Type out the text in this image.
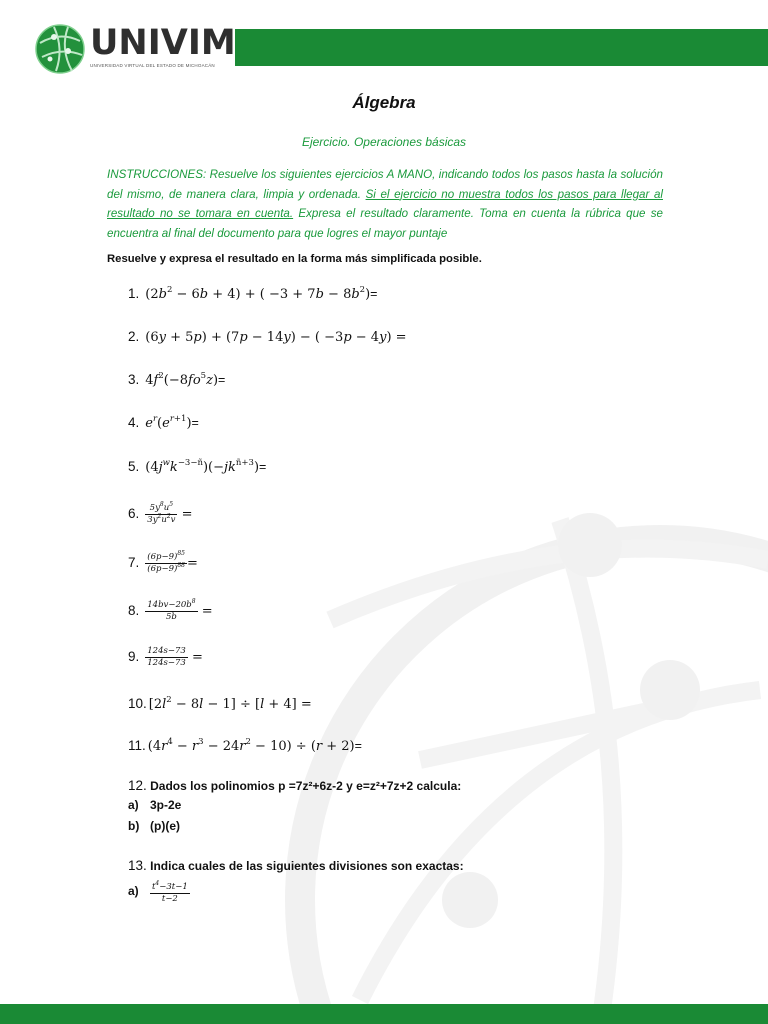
UNIVIM
UNIVERSIDAD VIRTUAL DEL ESTADO DE MICHOACÁN
Álgebra
Ejercicio. Operaciones básicas
INSTRUCCIONES: Resuelve los siguientes ejercicios A MANO, indicando todos los pasos hasta la solución del mismo, de manera clara, limpia y ordenada. Si el ejercicio no muestra todos los pasos para llegar al resultado no se tomara en cuenta. Expresa el resultado claramente. Toma en cuenta la rúbrica que se encuentra al final del documento para que logres el mayor puntaje
Resuelve y expresa el resultado en la forma más simplificada posible.
1. $(2b^2 - 6b + 4)$ + ( $-3 + 7b - 8b^2)=$
2. (6y + 5p) + (7p − 14y) − ( −3p − 4y) =
3. $4f^2(-8fo^5z)=$
4. $e^r(e^{r+1})=$
5. $(4j^wk^{-3-ñ})(-jk^{ñ+3})=$
6. $\frac{5y^8u^5}{3y^2u^2v}$ =
7. $\frac{(6p-9)^{85}}{(6p-9)^{88}}$ =
8. $\frac{14bv-20b^8}{5b}$ =
9. $\frac{124s-73}{124s-73}$ =
10. $[2l^2 - 8l - 1] \div [l + 4]$ =
11. $(4r^4 - r^3 - 24r^2 - 10) \div (r + 2)=$
12. Dados los polinomios p =7z²+6z-2 y e=z²+7z+2 calcula:
a) 3p-2e
b) (p)(e)
13. Indica cuales de las siguientes divisiones son exactas:
$a) \frac{t^4-3t-1}{t-2}$
